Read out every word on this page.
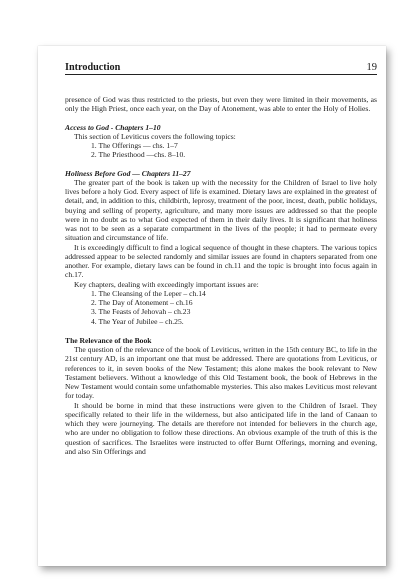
Introduction	19

presence of God was thus restricted to the priests, but even they were limited in their movements, as only the High Priest, once each year, on the Day of Atonement, was able to enter the Holy of Holies.

Access to God - Chapters 1–10

This section of Leviticus covers the following topics:

1. The Offerings — chs. 1–7
2. The Priesthood —chs. 8–10.

Holiness Before God — Chapters 11–27

The greater part of the book is taken up with the necessity for the Children of Israel to live holy lives before a holy God. Every aspect of life is examined. Dietary laws are explained in the greatest of detail, and, in addition to this, childbirth, leprosy, treatment of the poor, incest, death, public holidays, buying and selling of property, agriculture, and many more issues are addressed so that the people were in no doubt as to what God expected of them in their daily lives. It is significant that holiness was not to be seen as a separate compartment in the lives of the people; it had to permeate every situation and circumstance of life.

It is exceedingly difficult to find a logical sequence of thought in these chapters. The various topics addressed appear to be selected randomly and similar issues are found in chapters separated from one another. For example, dietary laws can be found in ch.11 and the topic is brought into focus again in ch.17.

Key chapters, dealing with exceedingly important issues are:

1. The Cleansing of the Leper – ch.14
2. The Day of Atonement – ch.16
3. The Feasts of Jehovah – ch.23
4. The Year of Jubilee – ch.25.

The Relevance of the Book

The question of the relevance of the book of Leviticus, written in the 15th century BC, to life in the 21st century AD, is an important one that must be addressed. There are quotations from Leviticus, or references to it, in seven books of the New Testament; this alone makes the book relevant to New Testament believers. Without a knowledge of this Old Testament book, the book of Hebrews in the New Testament would contain some unfathomable mysteries. This also makes Leviticus most relevant for today.

It should be borne in mind that these instructions were given to the Children of Israel. They specifically related to their life in the wilderness, but also anticipated life in the land of Canaan to which they were journeying. The details are therefore not intended for believers in the church age, who are under no obligation to follow these directions. An obvious example of the truth of this is the question of sacrifices. The Israelites were instructed to offer Burnt Offerings, morning and evening, and also Sin Offerings and
